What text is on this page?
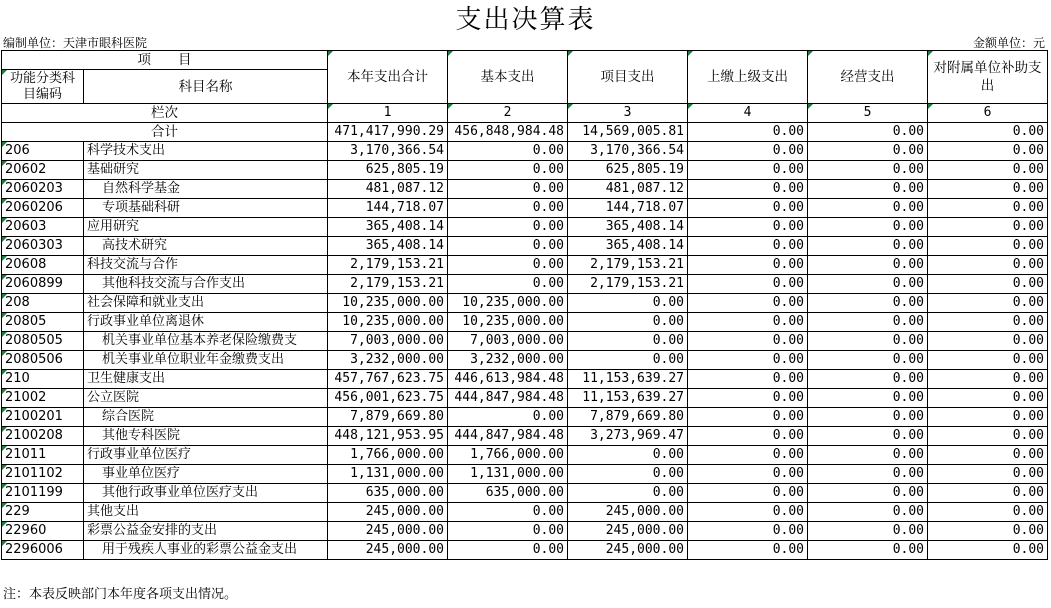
支出决算表
编制单位：天津市眼科医院	金额单位：元
项　　目		本年支出合计	基本支出	项目支出	上缴上级支出	经营支出	对附属单位补助支出
功能分类科目编码	科目名称						
栏次		1	2	3	4	5	6
合计		471,417,990.29	456,848,984.48	14,569,005.81	0.00	0.00	0.00
206	科学技术支出	3,170,366.54	0.00	3,170,366.54	0.00	0.00	0.00
20602	基础研究	625,805.19	0.00	625,805.19	0.00	0.00	0.00
2060203	自然科学基金	481,087.12	0.00	481,087.12	0.00	0.00	0.00
2060206	专项基础科研	144,718.07	0.00	144,718.07	0.00	0.00	0.00
20603	应用研究	365,408.14	0.00	365,408.14	0.00	0.00	0.00
2060303	高技术研究	365,408.14	0.00	365,408.14	0.00	0.00	0.00
20608	科技交流与合作	2,179,153.21	0.00	2,179,153.21	0.00	0.00	0.00
2060899	其他科技交流与合作支出	2,179,153.21	0.00	2,179,153.21	0.00	0.00	0.00
208	社会保障和就业支出	10,235,000.00	10,235,000.00	0.00	0.00	0.00	0.00
20805	行政事业单位离退休	10,235,000.00	10,235,000.00	0.00	0.00	0.00	0.00
2080505	机关事业单位基本养老保险缴费支	7,003,000.00	7,003,000.00	0.00	0.00	0.00	0.00
2080506	机关事业单位职业年金缴费支出	3,232,000.00	3,232,000.00	0.00	0.00	0.00	0.00
210	卫生健康支出	457,767,623.75	446,613,984.48	11,153,639.27	0.00	0.00	0.00
21002	公立医院	456,001,623.75	444,847,984.48	11,153,639.27	0.00	0.00	0.00
2100201	综合医院	7,879,669.80	0.00	7,879,669.80	0.00	0.00	0.00
2100208	其他专科医院	448,121,953.95	444,847,984.48	3,273,969.47	0.00	0.00	0.00
21011	行政事业单位医疗	1,766,000.00	1,766,000.00	0.00	0.00	0.00	0.00
2101102	事业单位医疗	1,131,000.00	1,131,000.00	0.00	0.00	0.00	0.00
2101199	其他行政事业单位医疗支出	635,000.00	635,000.00	0.00	0.00	0.00	0.00
229	其他支出	245,000.00	0.00	245,000.00	0.00	0.00	0.00
22960	彩票公益金安排的支出	245,000.00	0.00	245,000.00	0.00	0.00	0.00
2296006	用于残疾人事业的彩票公益金支出	245,000.00	0.00	245,000.00	0.00	0.00	0.00
注：本表反映部门本年度各项支出情况。
